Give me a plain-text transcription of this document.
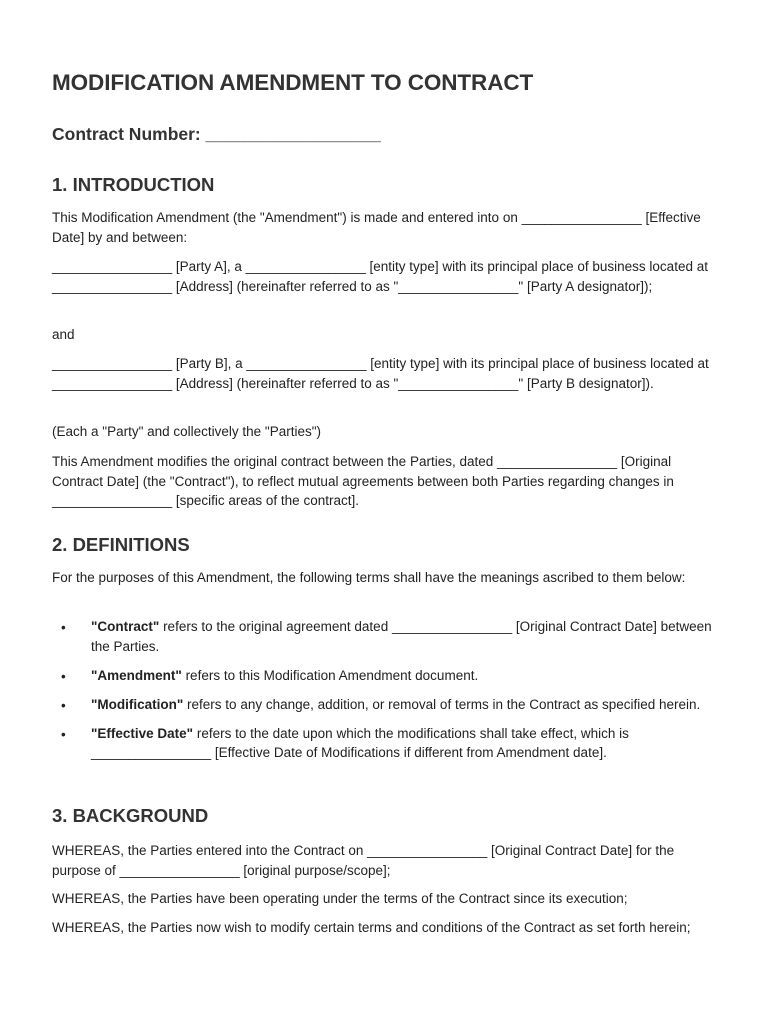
MODIFICATION AMENDMENT TO CONTRACT
Contract Number: __________________
1. INTRODUCTION

This Modification Amendment (the "Amendment") is made and entered into on ________________ [Effective Date] by and between:

________________ [Party A], a ________________ [entity type] with its principal place of business located at ________________ [Address] (hereinafter referred to as "________________" [Party A designator]);

and

________________ [Party B], a ________________ [entity type] with its principal place of business located at ________________ [Address] (hereinafter referred to as "________________" [Party B designator]).

(Each a "Party" and collectively the "Parties")

This Amendment modifies the original contract between the Parties, dated ________________ [Original Contract Date] (the "Contract"), to reflect mutual agreements between both Parties regarding changes in ________________ [specific areas of the contract].

2. DEFINITIONS

For the purposes of this Amendment, the following terms shall have the meanings ascribed to them below:

• "Contract" refers to the original agreement dated ________________ [Original Contract Date] between the Parties.
• "Amendment" refers to this Modification Amendment document.
• "Modification" refers to any change, addition, or removal of terms in the Contract as specified herein.
• "Effective Date" refers to the date upon which the modifications shall take effect, which is ________________ [Effective Date of Modifications if different from Amendment date].
3. BACKGROUND

WHEREAS, the Parties entered into the Contract on ________________ [Original Contract Date] for the purpose of ________________ [original purpose/scope];

WHEREAS, the Parties have been operating under the terms of the Contract since its execution;

WHEREAS, the Parties now wish to modify certain terms and conditions of the Contract as set forth herein;
